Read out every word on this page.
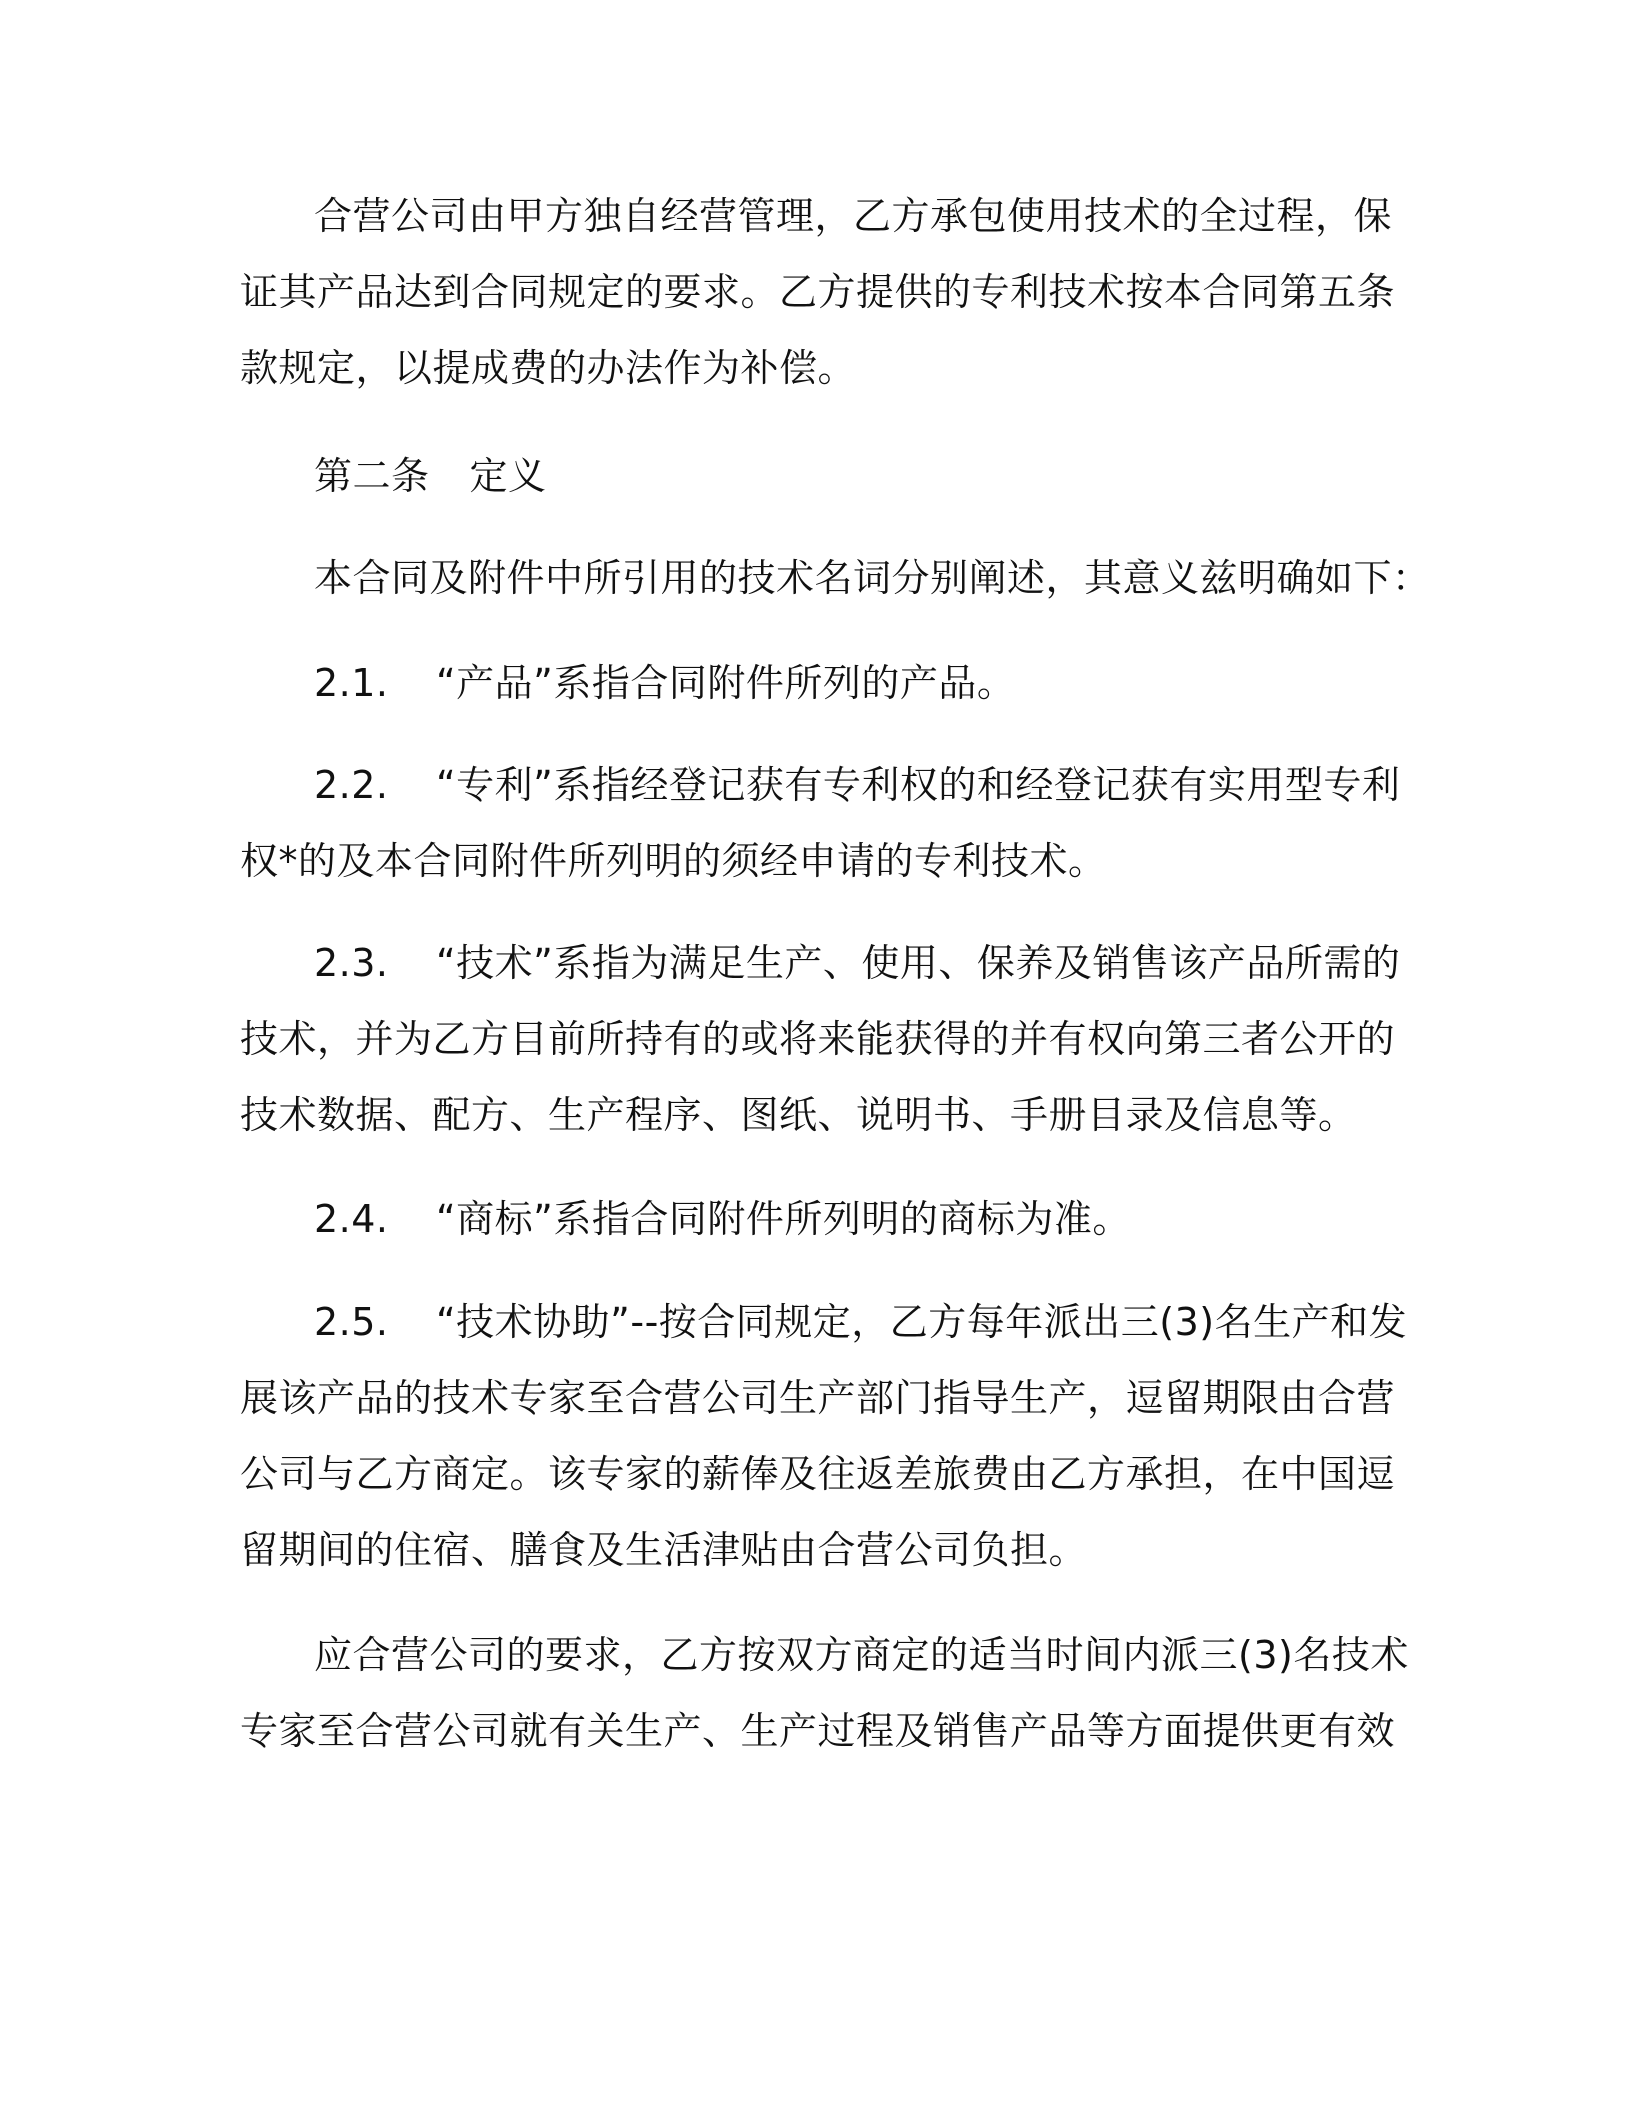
合营公司由甲方独自经营管理，乙方承包使用技术的全过程，保
证其产品达到合同规定的要求。乙方提供的专利技术按本合同第五条
款规定，以提成费的办法作为补偿。
第二条 定义
本合同及附件中所引用的技术名词分别阐述，其意义兹明确如下：
2.1. “产品”系指合同附件所列的产品。
2.2. “专利”系指经登记获有专利权的和经登记获有实用型专利
权*的及本合同附件所列明的须经申请的专利技术。
2.3. “技术”系指为满足生产、使用、保养及销售该产品所需的
技术，并为乙方目前所持有的或将来能获得的并有权向第三者公开的
技术数据、配方、生产程序、图纸、说明书、手册目录及信息等。
2.4. “商标”系指合同附件所列明的商标为准。
2.5. “技术协助”--按合同规定，乙方每年派出三(3)名生产和发
展该产品的技术专家至合营公司生产部门指导生产，逗留期限由合营
公司与乙方商定。该专家的薪俸及往返差旅费由乙方承担，在中国逗
留期间的住宿、膳食及生活津贴由合营公司负担。
应合营公司的要求，乙方按双方商定的适当时间内派三(3)名技术
专家至合营公司就有关生产、生产过程及销售产品等方面提供更有效
